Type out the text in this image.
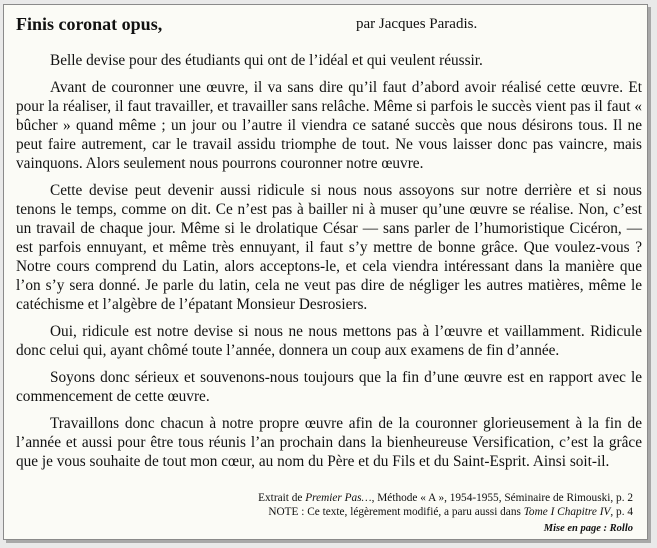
Finis coronat opus,	par Jacques Paradis.

Belle devise pour des étudiants qui ont de l’idéal et qui veulent réussir.

Avant de couronner une œuvre, il va sans dire qu’il faut d’abord avoir réalisé cette œuvre. Et pour la réaliser, il faut travailler, et travailler sans relâche. Même si parfois le succès vient pas il faut « bûcher » quand même ; un jour ou l’autre il viendra ce satané succès que nous désirons tous. Il ne peut faire autrement, car le travail assidu triomphe de tout. Ne vous laisser donc pas vaincre, mais vainquons. Alors seulement nous pourrons couronner notre œuvre.

Cette devise peut devenir aussi ridicule si nous nous assoyons sur notre derrière et si nous tenons le temps, comme on dit. Ce n’est pas à bailler ni à muser qu’une œuvre se réalise. Non, c’est un travail de chaque jour. Même si le drolatique César — sans parler de l’humoristique Cicéron, — est parfois ennuyant, et même très ennuyant, il faut s’y mettre de bonne grâce. Que voulez-vous ? Notre cours comprend du Latin, alors acceptons-le, et cela viendra intéressant dans la manière que l’on s’y sera donné. Je parle du latin, cela ne veut pas dire de négliger les autres matières, même le catéchisme et l’algèbre de l’épatant Monsieur Desrosiers.

Oui, ridicule est notre devise si nous ne nous mettons pas à l’œuvre et vaillamment. Ridicule donc celui qui, ayant chômé toute l’année, donnera un coup aux examens de fin d’année.

Soyons donc sérieux et souvenons-nous toujours que la fin d’une œuvre est en rapport avec le commencement de cette œuvre.

Travaillons donc chacun à notre propre œuvre afin de la couronner glorieusement à la fin de l’année et aussi pour être tous réunis l’an prochain dans la bienheureuse Versification, c’est la grâce que je vous souhaite de tout mon cœur, au nom du Père et du Fils et du Saint-Esprit. Ainsi soit-il.

Extrait de Premier Pas…, Méthode « A », 1954-1955, Séminaire de Rimouski, p. 2
NOTE : Ce texte, légèrement modifié, a paru aussi dans Tome I Chapitre IV, p. 4
Mise en page : Rollo
